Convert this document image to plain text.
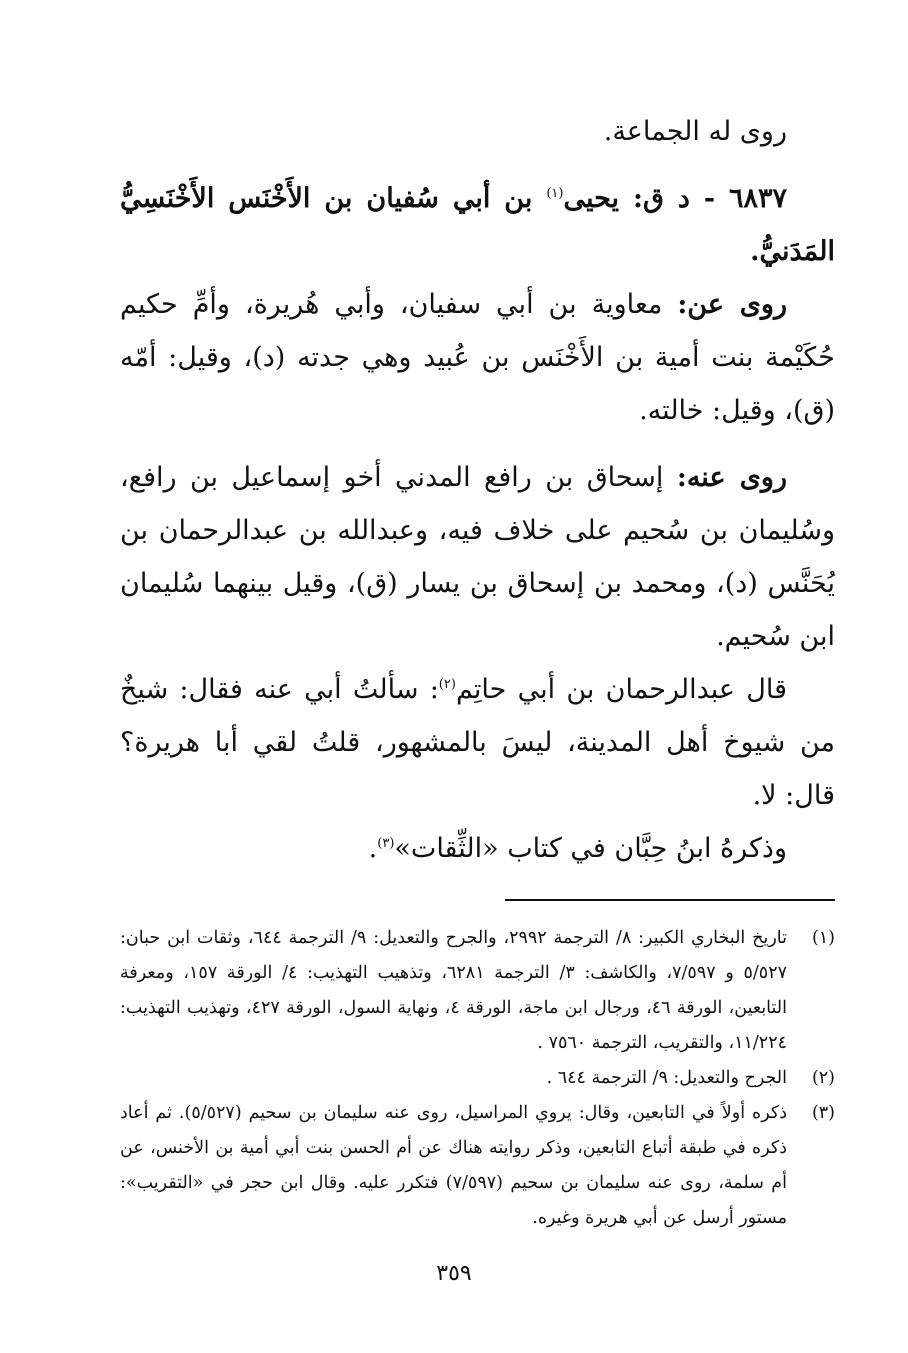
روى له الجماعة.

٦٨٣٧ - د ق: يحيى$^{(١)}$ بن أبي سُفيان بن الأَخْنَس الأَخْنَسِيُّ المَدَنيُّ.

روى عن: معاوية بن أبي سفيان، وأبي هُريرة، وأمِّ حكيم حُكَيْمة بنت أمية بن الأَخْنَس بن عُبيد وهي جدته (د)، وقيل: أمّه (ق)، وقيل: خالته.

روى عنه: إسحاق بن رافع المدني أخو إسماعيل بن رافع، وسُليمان بن سُحيم على خلاف فيه، وعبدالله بن عبدالرحمان بن يُحَنَّس (د)، ومحمد بن إسحاق بن يسار (ق)، وقيل بينهما سُليمان ابن سُحيم.

قال عبدالرحمان بن أبي حاتِم$^{(٢)}$: سألتُ أبي عنه فقال: شيخٌ من شيوخ أهل المدينة، ليسَ بالمشهور، قلتُ لقي أبا هريرة؟ قال: لا.

وذكرهُ ابنُ حِبَّان في كتاب «الثِّقات»$^{(٣)}$.

(١)
تاريخ البخاري الكبير: ٨/ الترجمة ٢٩٩٢، والجرح والتعديل: ٩/ الترجمة ٦٤٤، وثقات ابن حبان: ٥/٥٢٧ و ٧/٥٩٧، والكاشف: ٣/ الترجمة ٦٢٨١، وتذهيب التهذيب: ٤/ الورقة ١٥٧، ومعرفة التابعين، الورقة ٤٦، ورجال ابن ماجة، الورقة ٤، ونهاية السول، الورقة ٤٢٧، وتهذيب التهذيب: ١١/٢٢٤، والتقريب، الترجمة ٧٥٦٠ .
(٢)
الجرح والتعديل: ٩/ الترجمة ٦٤٤ .
(٣)
ذكره أولاً في التابعين، وقال: يروي المراسيل، روى عنه سليمان بن سحيم (٥/٥٢٧). ثم أعاد ذكره في طبقة أتباع التابعين، وذكر روايته هناك عن أم الحسن بنت أبي أمية بن الأخنس، عن أم سلمة، روى عنه سليمان بن سحيم (٧/٥٩٧) فتكرر عليه. وقال ابن حجر في «التقريب»: مستور أرسل عن أبي هريرة وغيره.
٣٥٩
